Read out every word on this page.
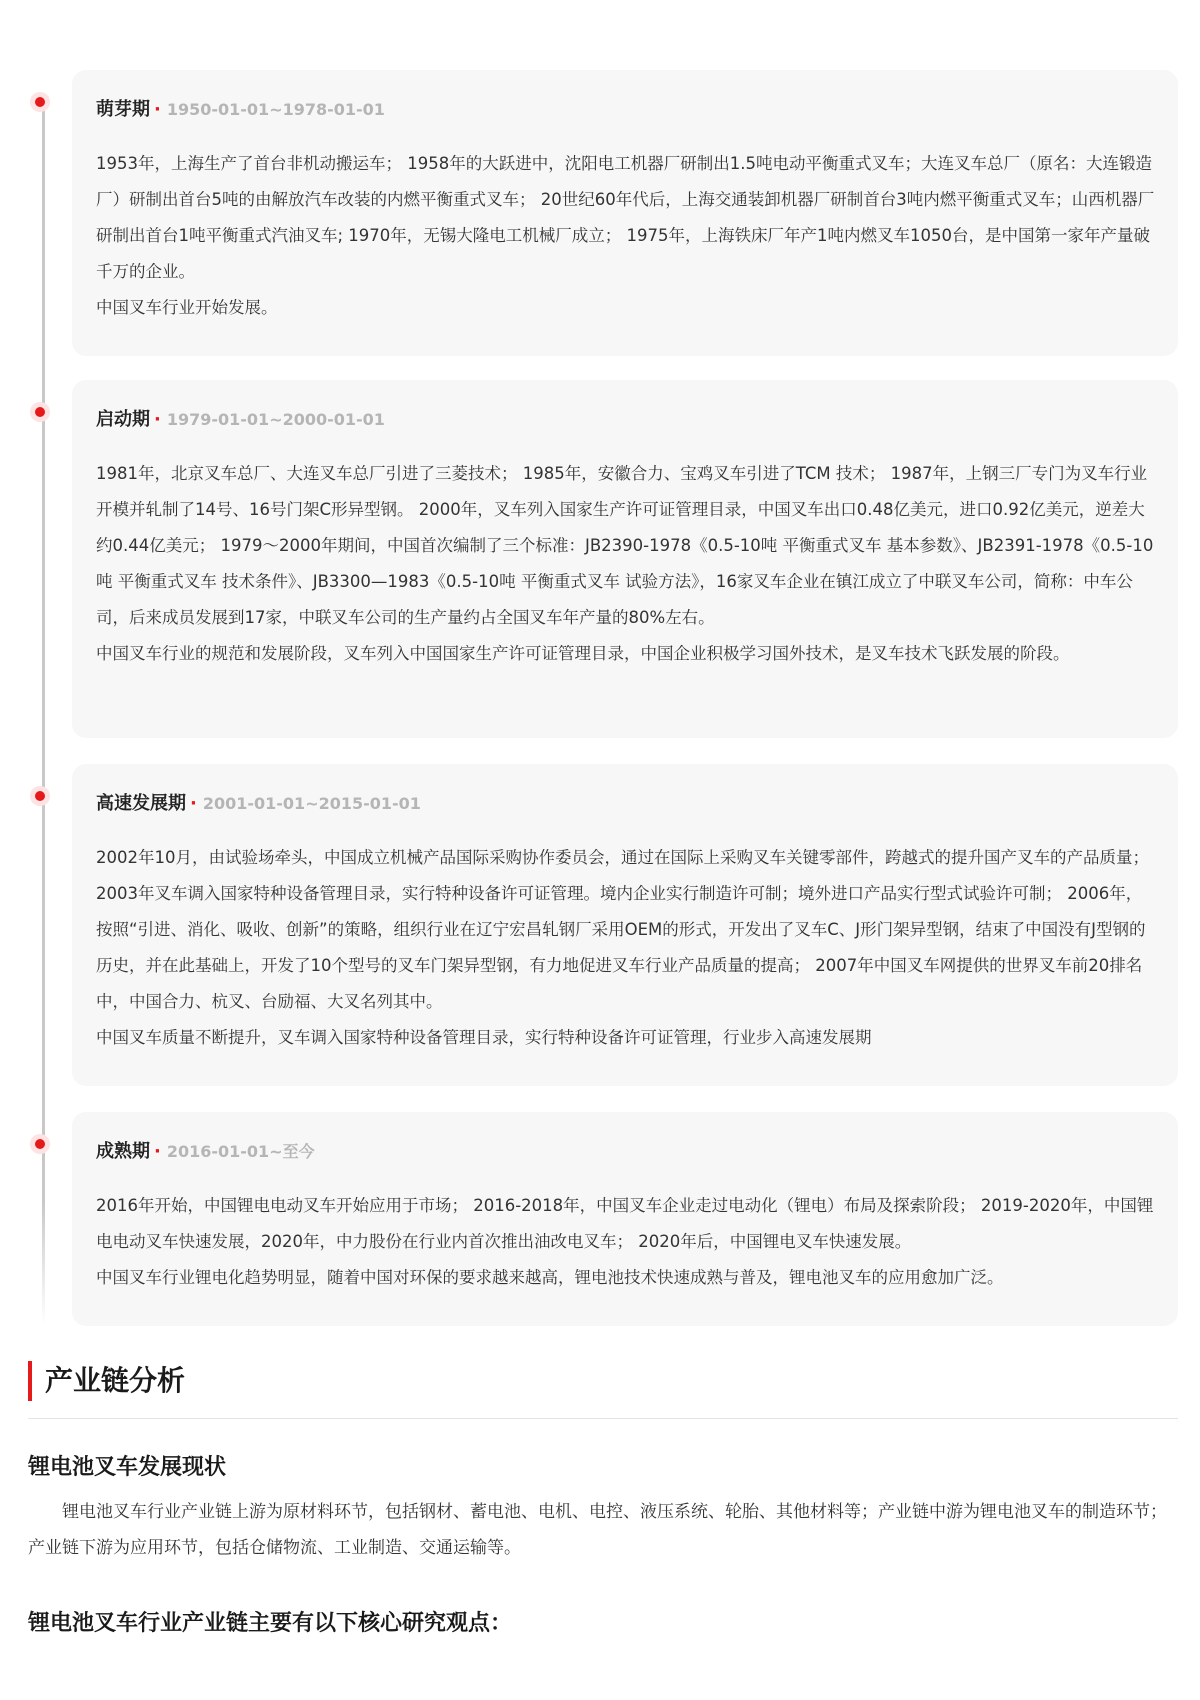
萌芽期 · 1950-01-01~1978-01-01

1953年，上海生产了首台非机动搬运车； 1958年的大跃进中，沈阳电工机器厂研制出1.5吨电动平衡重式叉车；大连叉车总厂（原名：大连锻造厂）研制出首台5吨的由解放汽车改装的内燃平衡重式叉车； 20世纪60年代后，上海交通装卸机器厂研制首台3吨内燃平衡重式叉车；山西机器厂研制出首台1吨平衡重式汽油叉车; 1970年，无锡大隆电工机械厂成立； 1975年，上海铁床厂年产1吨内燃叉车1050台，是中国第一家年产量破千万的企业。

中国叉车行业开始发展。

启动期 · 1979-01-01~2000-01-01

1981年，北京叉车总厂、大连叉车总厂引进了三菱技术； 1985年，安徽合力、宝鸡叉车引进了TCM 技术； 1987年，上钢三厂专门为叉车行业开模并轧制了14号、16号门架C形异型钢。 2000年，叉车列入国家生产许可证管理目录，中国叉车出口0.48亿美元，进口0.92亿美元，逆差大约0.44亿美元； 1979～2000年期间，中国首次编制了三个标准：JB2390-1978《0.5-10吨 平衡重式叉车 基本参数》、JB2391-1978《0.5-10吨 平衡重式叉车 技术条件》、JB3300—1983《0.5-10吨 平衡重式叉车 试验方法》，16家叉车企业在镇江成立了中联叉车公司，简称：中车公司，后来成员发展到17家，中联叉车公司的生产量约占全国叉车年产量的80%左右。

中国叉车行业的规范和发展阶段，叉车列入中国国家生产许可证管理目录，中国企业积极学习国外技术，是叉车技术飞跃发展的阶段。

高速发展期 · 2001-01-01~2015-01-01

2002年10月，由试验场牵头，中国成立机械产品国际采购协作委员会，通过在国际上采购叉车关键零部件，跨越式的提升国产叉车的产品质量； 2003年叉车调入国家特种设备管理目录，实行特种设备许可证管理。境内企业实行制造许可制；境外进口产品实行型式试验许可制； 2006年，按照“引进、消化、吸收、创新”的策略，组织行业在辽宁宏昌轧钢厂采用OEM的形式，开发出了叉车C、J形门架异型钢，结束了中国没有J型钢的历史，并在此基础上，开发了10个型号的叉车门架异型钢，有力地促进叉车行业产品质量的提高； 2007年中国叉车网提供的世界叉车前20排名中，中国合力、杭叉、台励福、大叉名列其中。

中国叉车质量不断提升，叉车调入国家特种设备管理目录，实行特种设备许可证管理，行业步入高速发展期

成熟期 · 2016-01-01~至今

2016年开始，中国锂电电动叉车开始应用于市场； 2016-2018年，中国叉车企业走过电动化（锂电）布局及探索阶段； 2019-2020年，中国锂电电动叉车快速发展，2020年，中力股份在行业内首次推出油改电叉车； 2020年后，中国锂电叉车快速发展。

中国叉车行业锂电化趋势明显，随着中国对环保的要求越来越高，锂电池技术快速成熟与普及，锂电池叉车的应用愈加广泛。

产业链分析
锂电池叉车发展现状

锂电池叉车行业产业链上游为原材料环节，包括钢材、蓄电池、电机、电控、液压系统、轮胎、其他材料等；产业链中游为锂电池叉车的制造环节；产业链下游为应用环节，包括仓储物流、工业制造、交通运输等。

锂电池叉车行业产业链主要有以下核心研究观点：
